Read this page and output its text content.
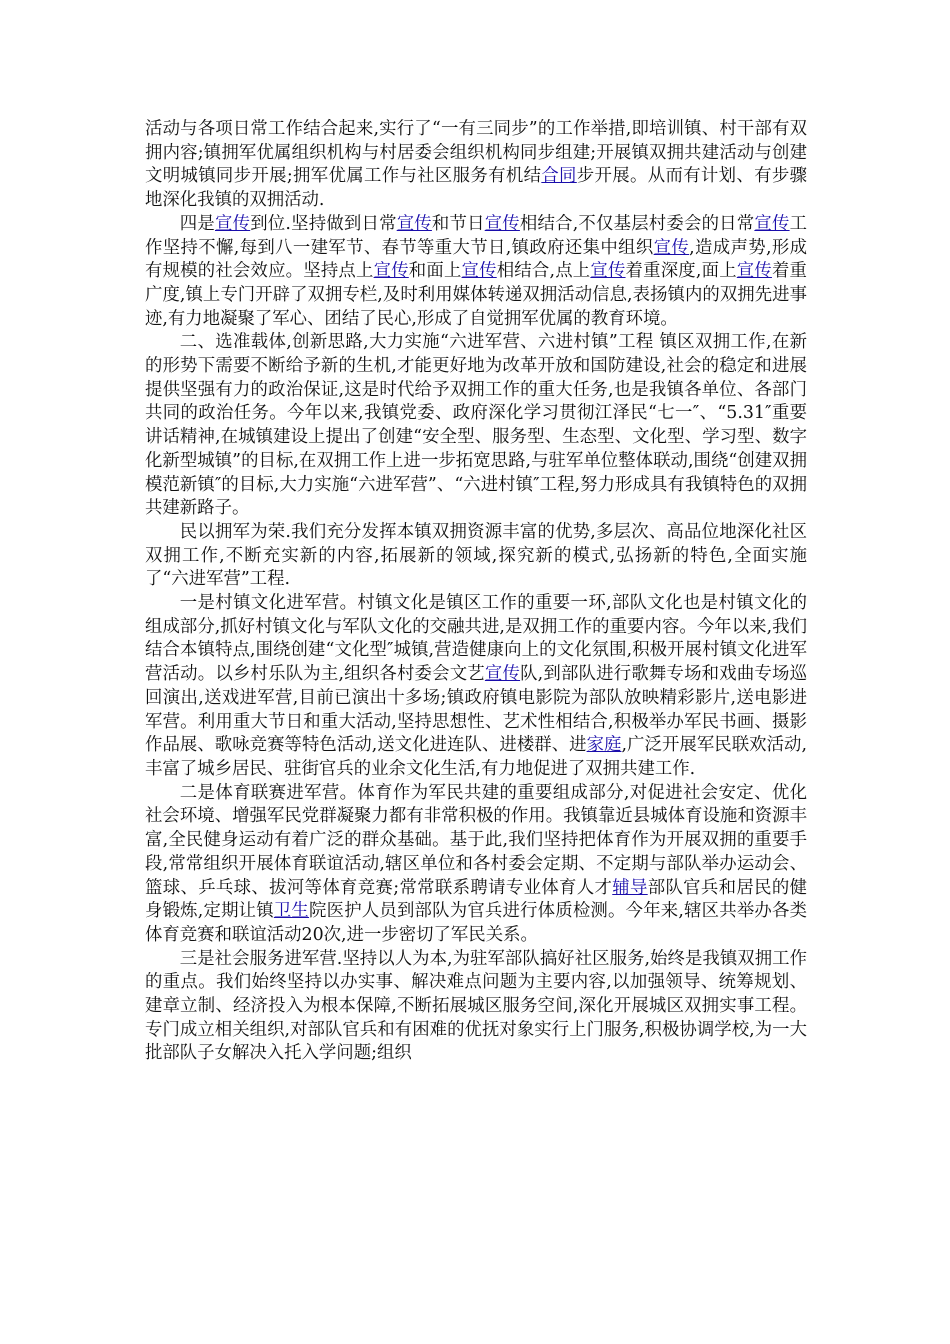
活动与各项日常工作结合起来,实行了“一有三同步”的工作举措,即培训镇、村干部有双拥内容;镇拥军优属组织机构与村居委会组织机构同步组建;开展镇双拥共建活动与创建文明城镇同步开展;拥军优属工作与社区服务有机结合同步开展。从而有计划、有步骤地深化我镇的双拥活动.

四是宣传到位.坚持做到日常宣传和节日宣传相结合,不仅基层村委会的日常宣传工作坚持不懈,每到八一建军节、春节等重大节日,镇政府还集中组织宣传,造成声势,形成有规模的社会效应。坚持点上宣传和面上宣传相结合,点上宣传着重深度,面上宣传着重广度,镇上专门开辟了双拥专栏,及时利用媒体转递双拥活动信息,表扬镇内的双拥先进事迹,有力地凝聚了军心、团结了民心,形成了自觉拥军优属的教育环境。

二、选准载体,创新思路,大力实施“六进军营、六进村镇”工程 镇区双拥工作,在新的形势下需要不断给予新的生机,才能更好地为改革开放和国防建设,社会的稳定和进展提供坚强有力的政治保证,这是时代给予双拥工作的重大任务,也是我镇各单位、各部门共同的政治任务。今年以来,我镇党委、政府深化学习贯彻江泽民“七一″、“5.31″重要讲话精神,在城镇建设上提出了创建“安全型、服务型、生态型、文化型、学习型、数字化新型城镇”的目标,在双拥工作上进一步拓宽思路,与驻军单位整体联动,围绕“创建双拥模范新镇″的目标,大力实施“六进军营”、“六进村镇″工程,努力形成具有我镇特色的双拥共建新路子。

民以拥军为荣.我们充分发挥本镇双拥资源丰富的优势,多层次、高品位地深化社区双拥工作,不断充实新的内容,拓展新的领域,探究新的模式,弘扬新的特色,全面实施了“六进军营”工程.

一是村镇文化进军营。村镇文化是镇区工作的重要一环,部队文化也是村镇文化的组成部分,抓好村镇文化与军队文化的交融共进,是双拥工作的重要内容。今年以来,我们结合本镇特点,围绕创建“文化型″城镇,营造健康向上的文化氛围,积极开展村镇文化进军营活动。以乡村乐队为主,组织各村委会文艺宣传队,到部队进行歌舞专场和戏曲专场巡回演出,送戏进军营,目前已演出十多场;镇政府镇电影院为部队放映精彩影片,送电影进军营。利用重大节日和重大活动,坚持思想性、艺术性相结合,积极举办军民书画、摄影作品展、歌咏竞赛等特色活动,送文化进连队、进楼群、进家庭,广泛开展军民联欢活动,丰富了城乡居民、驻街官兵的业余文化生活,有力地促进了双拥共建工作.

二是体育联赛进军营。体育作为军民共建的重要组成部分,对促进社会安定、优化社会环境、增强军民党群凝聚力都有非常积极的作用。我镇靠近县城体育设施和资源丰富,全民健身运动有着广泛的群众基础。基于此,我们坚持把体育作为开展双拥的重要手段,常常组织开展体育联谊活动,辖区单位和各村委会定期、不定期与部队举办运动会、篮球、乒乓球、拔河等体育竞赛;常常联系聘请专业体育人才辅导部队官兵和居民的健身锻炼,定期让镇卫生院医护人员到部队为官兵进行体质检测。今年来,辖区共举办各类体育竞赛和联谊活动20次,进一步密切了军民关系。

三是社会服务进军营.坚持以人为本,为驻军部队搞好社区服务,始终是我镇双拥工作的重点。我们始终坚持以办实事、解决难点问题为主要内容,以加强领导、统筹规划、建章立制、经济投入为根本保障,不断拓展城区服务空间,深化开展城区双拥实事工程。专门成立相关组织,对部队官兵和有困难的优抚对象实行上门服务,积极协调学校,为一大批部队子女解决入托入学问题;组织
